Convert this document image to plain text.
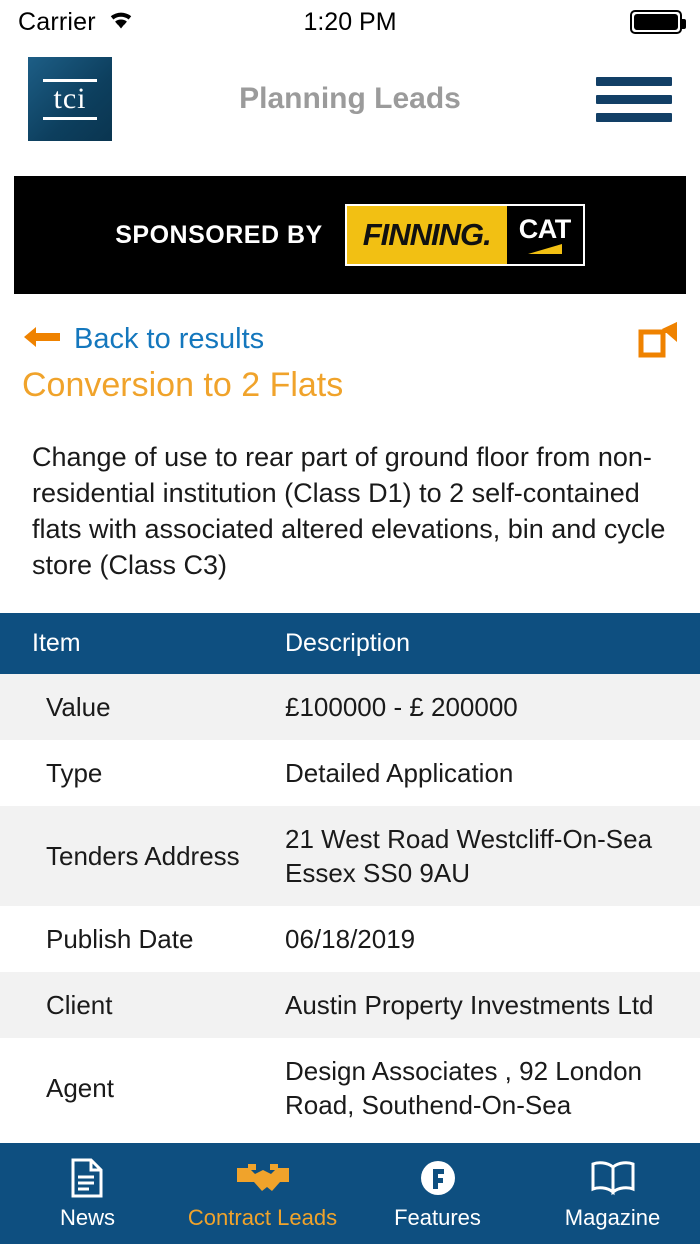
Carrier	1:20 PM
tci	Planning Leads
SPONSORED BY FINNING. CAT
Back to results
Conversion to 2 Flats
Change of use to rear part of ground floor from non-residential institution (Class D1) to 2 self-contained flats with associated altered elevations, bin and cycle store (Class C3)
Item	Description
Value	£100000 - £ 200000
Type	Detailed Application
Tenders Address	21 West Road Westcliff-On-Sea Essex SS0 9AU
Publish Date	06/18/2019
Client	Austin Property Investments Ltd
Agent	Design Associates , 92 London Road, Southend-On-Sea
News	Contract Leads	Features	Magazine
